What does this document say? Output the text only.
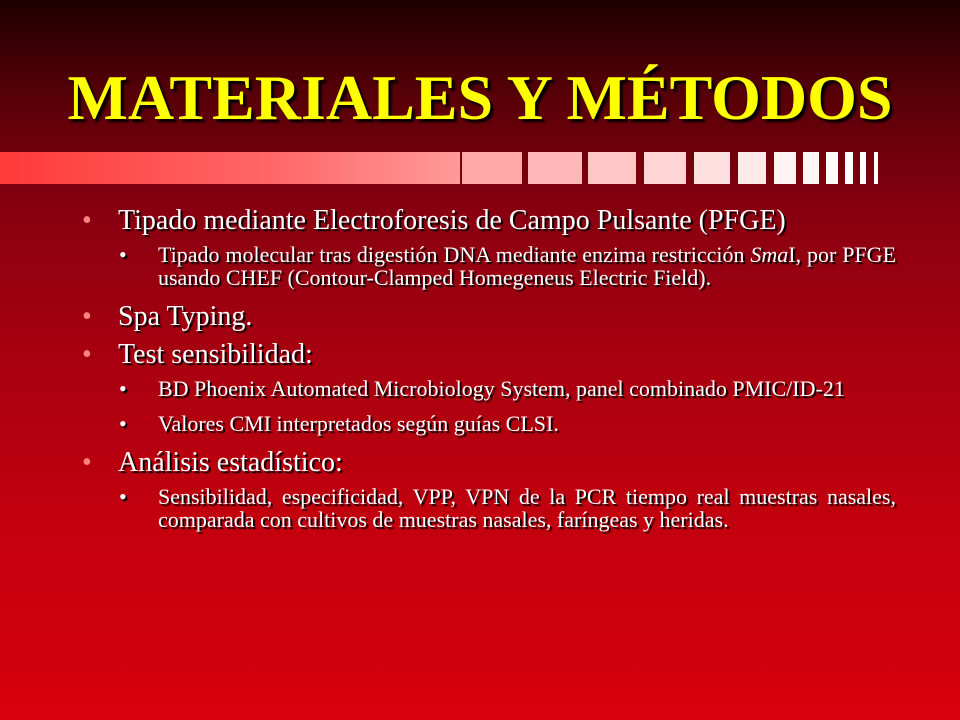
MATERIALES Y MÉTODOS
• Tipado mediante Electroforesis de Campo Pulsante (PFGE)
• Tipado molecular tras digestión DNA mediante enzima restricción SmaI, por PFGE usando CHEF (Contour-Clamped Homegeneus Electric Field).
• Spa Typing.
• Test sensibilidad:
• BD Phoenix Automated Microbiology System, panel combinado PMIC/ID-21
• Valores CMI interpretados según guías CLSI.
• Análisis estadístico:
• Sensibilidad, especificidad, VPP, VPN de la PCR tiempo real muestras nasales, comparada con cultivos de muestras nasales, faríngeas y heridas.
